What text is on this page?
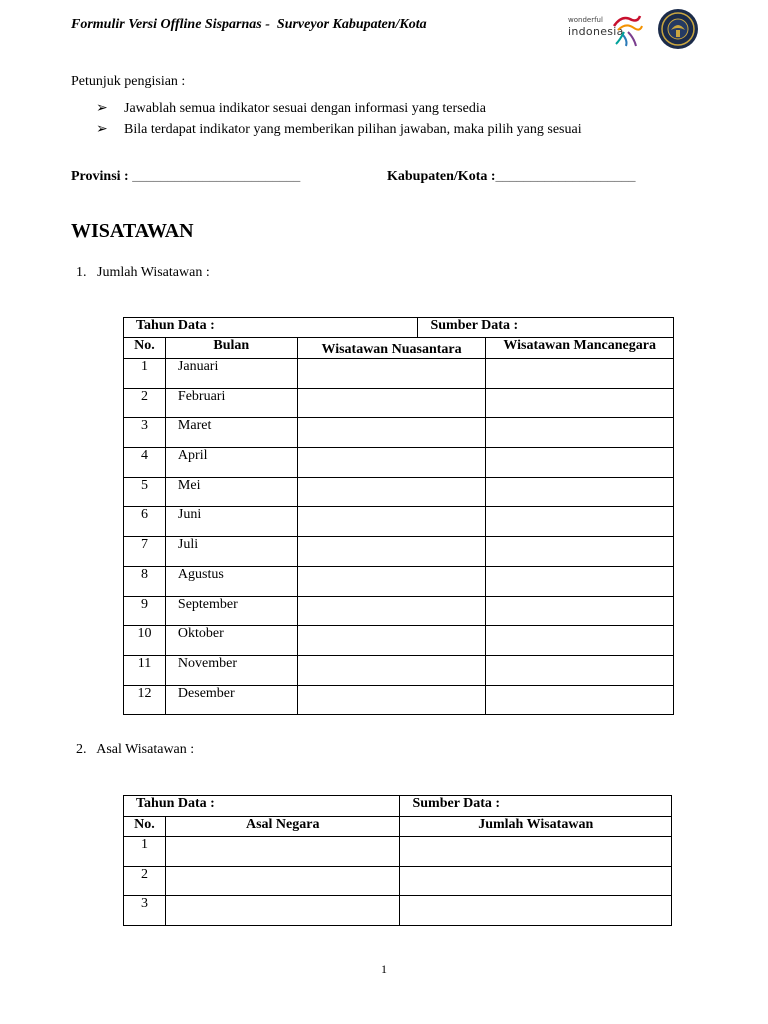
Formulir Versi Offline Sisparnas -  Surveyor Kabupaten/Kota	wonderful
indonesia
Petunjuk pengisian :
➢ Jawablah semua indikator sesuai dengan informasi yang tersedia
➢ Bila terdapat indikator yang memberikan pilihan jawaban, maka pilih yang sesuai
Provinsi : ________________________	Kabupaten/Kota :____________________
WISATAWAN
1.   Jumlah Wisatawan :
Tahun Data :			Sumber Data :	
No.	Bulan	Wisatawan Nuasantara		Wisatawan Mancanegara
1	Januari			
2	Februari			
3	Maret			
4	April			
5	Mei			
6	Juni			
7	Juli			
8	Agustus			
9	September			
10	Oktober			
11	November			
12	Desember			
2.   Asal Wisatawan :
Tahun Data :		Sumber Data :
No.	Asal Negara	Jumlah Wisatawan
1		
2		
3		
1
